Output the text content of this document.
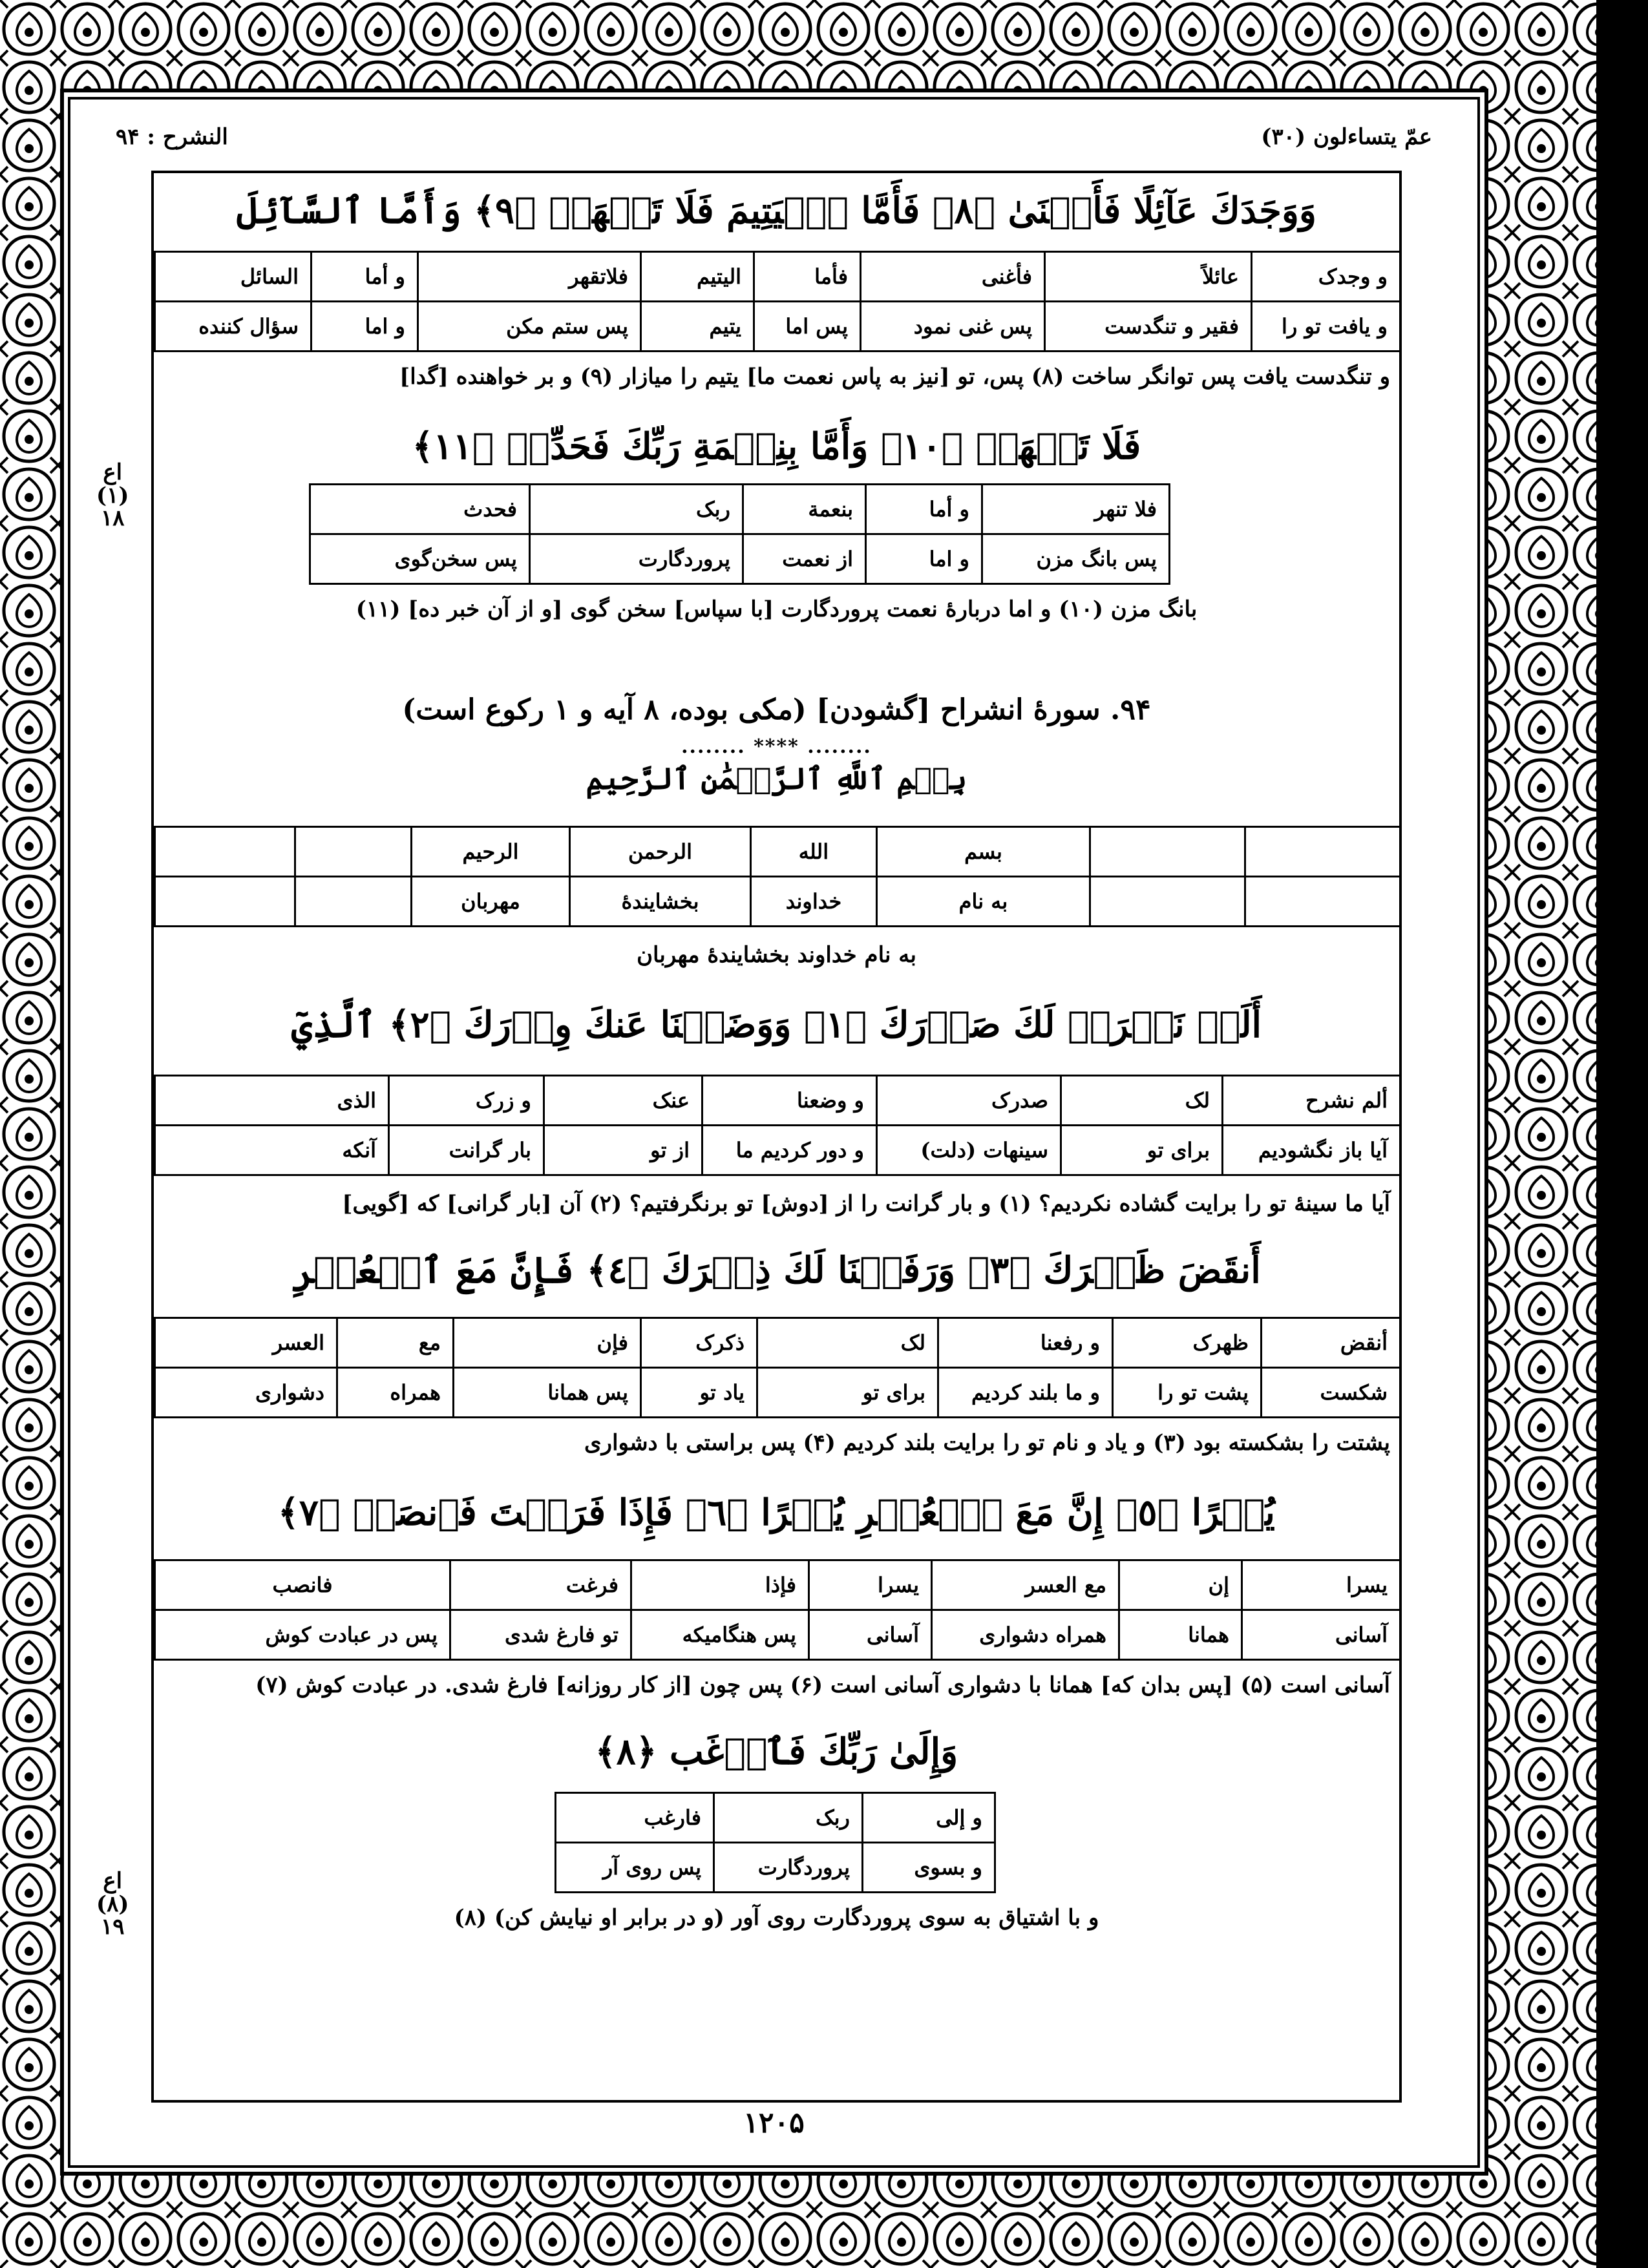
النشرح : ۹۴	عمّ یتساءلون (۳۰)
اع
(۱)
۱۸
اع
(۸)
۱۹
وَوَجَدَكَ عَآئِلًا فَأَغۡنَىٰ ﴿٨﴾ فَأَمَّا ٱلۡيَتِيمَ فَلَا تَقۡهَرۡ ﴿٩﴾ وَأَمَّا ٱلسَّآئِلَ
و وجدک	عائلاً	فأغنی	فأما	الیتیم	فلاتقهر	و أما	السائل
و یافت تو را	فقیر و تنگدست	پس غنی نمود	پس اما	یتیم	پس ستم مکن	و اما	سؤال کننده
و تنگدست یافت پس توانگر ساخت (۸) پس، تو [نیز به پاس نعمت ما] یتیم را میازار (۹) و بر خواهنده [گدا]
فَلَا تَنۡهَرۡ ﴿١٠﴾ وَأَمَّا بِنِعۡمَةِ رَبِّكَ فَحَدِّثۡ ﴿١١﴾
فلا تنهر	و أما	بنعمة	ربک	فحدث
پس بانگ مزن	و اما	از نعمت	پروردگارت	پس سخن‌گوی
بانگ مزن (۱۰) و اما دربارهٔ نعمت پروردگارت [با سپاس] سخن گوی [و از آن خبر ده] (۱۱)
۹۴. سورهٔ انشراح [گشودن] (مکی بوده، ۸ آیه و ۱ رکوع است)
........ **** ........
بِسۡمِ ٱللَّهِ ٱلرَّحۡمَٰنِ ٱلرَّحِيمِ
		بسم	الله	الرحمن	الرحیم		
		به نام	خداوند	بخشایندهٔ	مهربان		
به نام خداوند بخشایندهٔ مهربان
أَلَمۡ نَشۡرَحۡ لَكَ صَدۡرَكَ ﴿١﴾ وَوَضَعۡنَا عَنكَ وِزۡرَكَ ﴿٢﴾ ٱلَّذِيٓ
ألم نشرح	لک	صدرک	و وضعنا	عنک	و زرک	الذی
آیا باز نگشودیم	برای تو	سینهات (دلت)	و دور کردیم ما	از تو	بار گرانت	آنکه
آیا ما سینهٔ تو را برایت گشاده نکردیم؟ (۱) و بار گرانت را از [دوش] تو برنگرفتیم؟ (۲) آن [بار گرانی] که [گویی]
أَنقَضَ ظَهۡرَكَ ﴿٣﴾ وَرَفَعۡنَا لَكَ ذِكۡرَكَ ﴿٤﴾ فَإِنَّ مَعَ ٱلۡعُسۡرِ
أنقض	ظهرک	و رفعنا	لک	ذکرک	فإن	مع	العسر
شکست	پشت تو را	و ما بلند کردیم	برای تو	یاد تو	پس همانا	همراه	دشواری
پشتت را بشکسته بود (۳) و یاد و نام تو را برایت بلند کردیم (۴) پس براستی با دشواری
يُسۡرًا ﴿٥﴾ إِنَّ مَعَ ٱلۡعُسۡرِ يُسۡرًا ﴿٦﴾ فَإِذَا فَرَغۡتَ فَٱنصَبۡ ﴿٧﴾
یسرا	إن	مع العسر	یسرا	فإذا	فرغت	فانصب
آسانی	همانا	همراه دشواری	آسانی	پس هنگامیکه	تو فارغ شدی	پس در عبادت کوش
آسانی است (۵) [پس بدان که] همانا با دشواری آسانی است (۶) پس چون [از کار روزانه] فارغ شدی. در عبادت کوش (۷)
وَإِلَىٰ رَبِّكَ فَٱرۡغَب ﴿٨﴾
و إلی	ربک	فارغب
و بسوی	پروردگارت	پس روی آر
و با اشتیاق به سوی پروردگارت روی آور (و در برابر او نیایش کن) (۸)
۱۲۰۵
